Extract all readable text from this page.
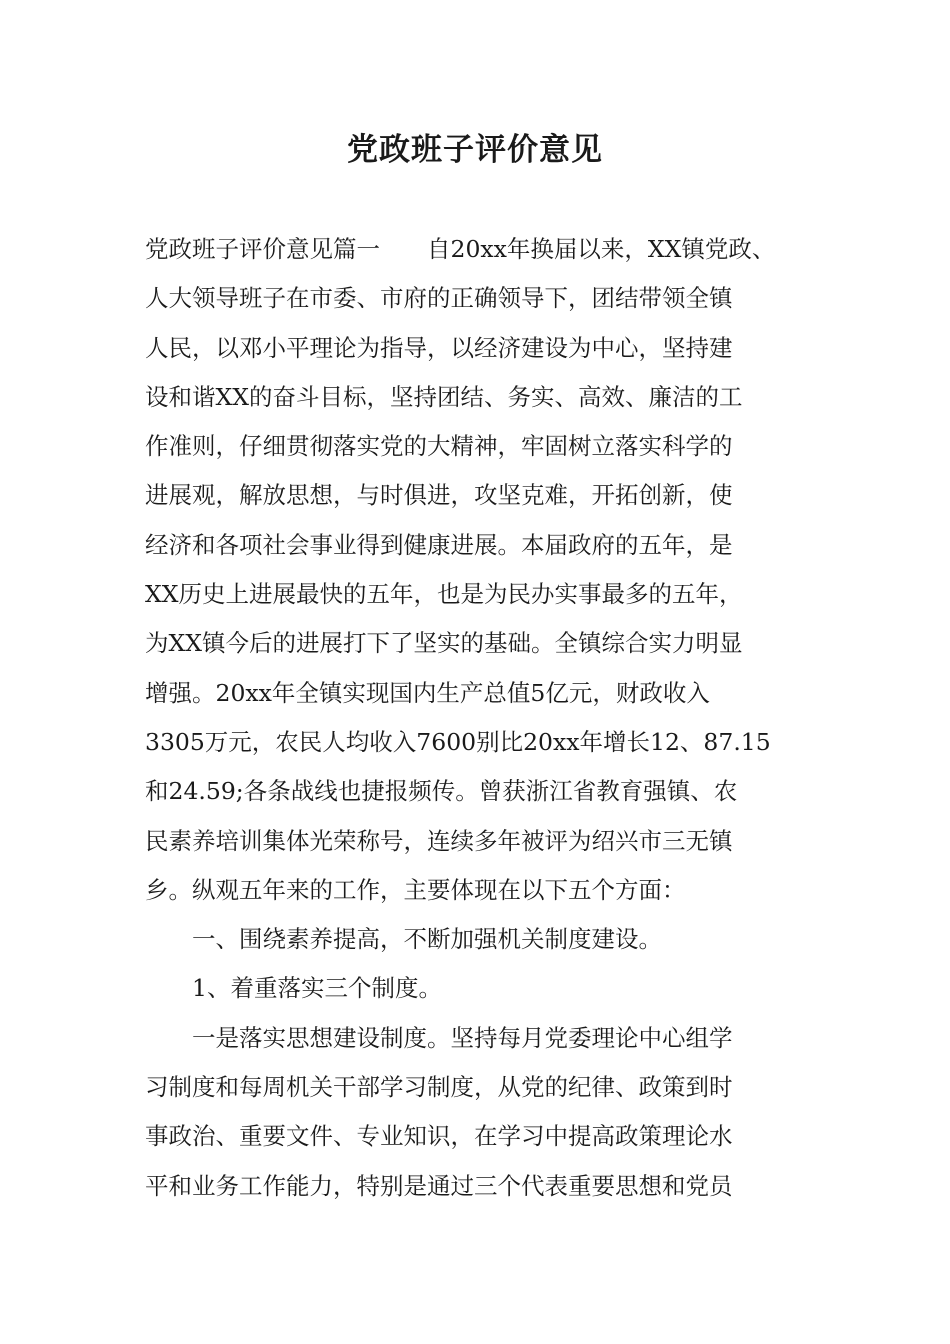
党政班子评价意见
党政班子评价意见篇一　　自20xx年换届以来，XX镇党政、
人大领导班子在市委、市府的正确领导下，团结带领全镇
人民，以邓小平理论为指导，以经济建设为中心，坚持建
设和谐XX的奋斗目标，坚持团结、务实、高效、廉洁的工
作准则，仔细贯彻落实党的大精神，牢固树立落实科学的
进展观，解放思想，与时俱进，攻坚克难，开拓创新，使
经济和各项社会事业得到健康进展。本届政府的五年，是
XX历史上进展最快的五年，也是为民办实事最多的五年，
为XX镇今后的进展打下了坚实的基础。全镇综合实力明显
增强。20xx年全镇实现国内生产总值5亿元，财政收入
3305万元，农民人均收入7600别比20xx年增长12、87.15
和24.59;各条战线也捷报频传。曾获浙江省教育强镇、农
民素养培训集体光荣称号，连续多年被评为绍兴市三无镇
乡。纵观五年来的工作，主要体现在以下五个方面：
一、围绕素养提高，不断加强机关制度建设。
1、着重落实三个制度。
一是落实思想建设制度。坚持每月党委理论中心组学
习制度和每周机关干部学习制度，从党的纪律、政策到时
事政治、重要文件、专业知识，在学习中提高政策理论水
平和业务工作能力，特别是通过三个代表重要思想和党员
